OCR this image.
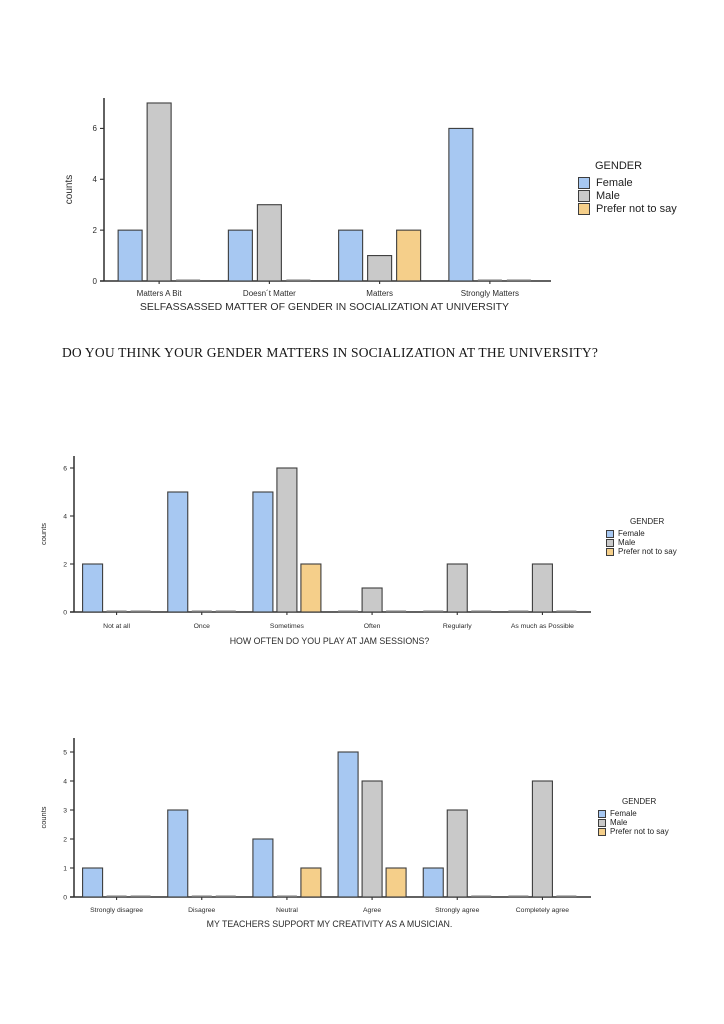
0
2
4
6
Matters A Bit	Doesn´t Matter	Matters	Strongly Matters
SELFASSASSED MATTER OF GENDER IN SOCIALIZATION AT UNIVERSITY
counts
GENDER
Female
Male
Prefer not to say

DO YOU THINK YOUR GENDER MATTERS IN SOCIALIZATION AT THE UNIVERSITY?

0
2
4
6
Not at all	Once	Sometimes	Often	Regularly	As much as Possible
HOW OFTEN DO YOU PLAY AT JAM SESSIONS?
counts
GENDER
Female
Male
Prefer not to say
0
1
2
3
4
5
Strongly disagree	Disagree	Neutral	Agree	Strongly agree	Completely agree
MY TEACHERS SUPPORT MY CREATIVITY AS A MUSICIAN.
counts
GENDER
Female
Male
Prefer not to say
